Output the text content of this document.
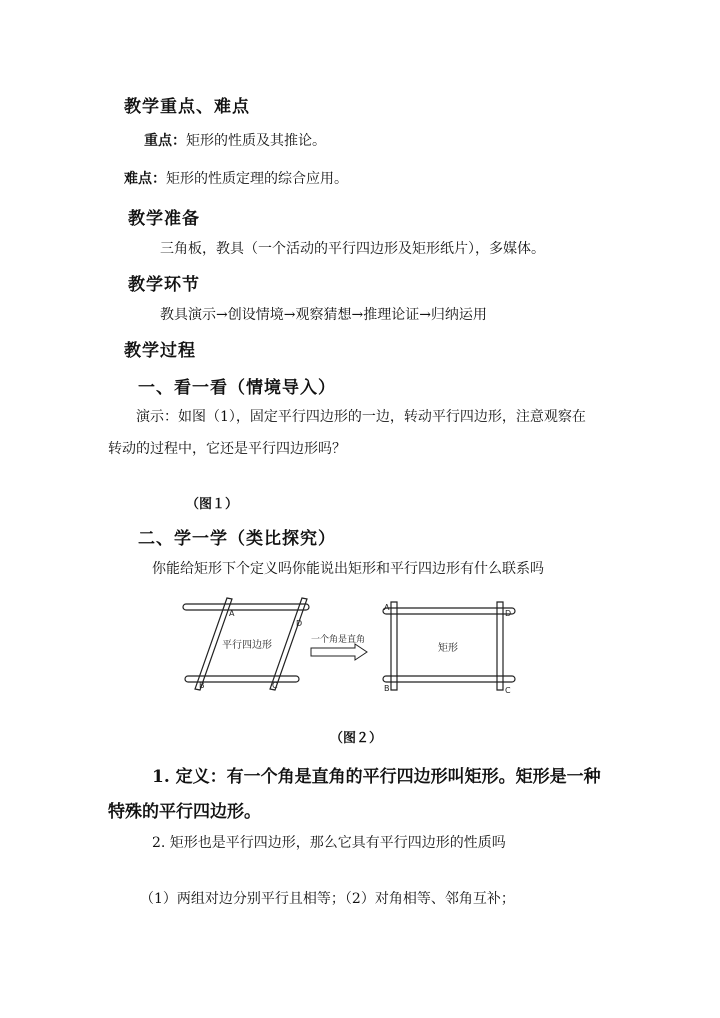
教学重点、难点

重点：矩形的性质及其推论。

难点：矩形的性质定理的综合应用。

教学准备

三角板，教具（一个活动的平行四边形及矩形纸片），多媒体。

教学环节

教具演示→创设情境→观察猜想→推理论证→归纳运用

教学过程

一、看一看（情境导入）

演示：如图（1），固定平行四边形的一边，转动平行四边形，注意观察在

转动的过程中，它还是平行四边形吗？

（图１）

二、学一学（类比探究）

你能给矩形下个定义吗你能说出矩形和平行四边形有什么联系吗

平行四边形
A
D
B	C
一个角是直角
矩形
A
D
B	C

（图２）

1. 定义：有一个角是直角的平行四边形叫矩形。矩形是一种

特殊的平行四边形。

2. 矩形也是平行四边形，那么它具有平行四边形的性质吗

（1）两组对边分别平行且相等；（2）对角相等、邻角互补；
